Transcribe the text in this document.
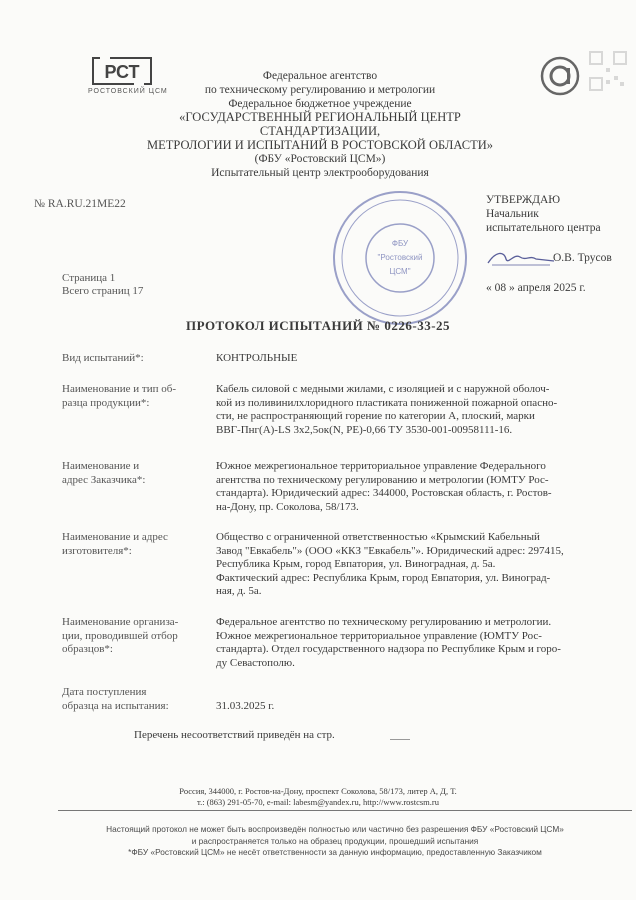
РСТ
РОСТОВСКИЙ ЦСМ
Федеральное агентство
по техническому регулированию и метрологии
Федеральное бюджетное учреждение
«ГОСУДАРСТВЕННЫЙ РЕГИОНАЛЬНЫЙ ЦЕНТР СТАНДАРТИЗАЦИИ,
МЕТРОЛОГИИ И ИСПЫТАНИЙ В РОСТОВСКОЙ ОБЛАСТИ»
(ФБУ «Ростовский ЦСМ»)
Испытательный центр электрооборудования
№ RA.RU.21МЕ22
ФБУ
"Ростовский
ЦСМ"
УТВЕРЖДАЮ
Начальник
испытательного центра
О.В. Трусов
« 08 » апреля 2025 г.
Страница 1
Всего страниц 17
ПРОТОКОЛ ИСПЫТАНИЙ № 0226-33-25
Вид испытаний*:	КОНТРОЛЬНЫЕ
Наименование и тип об-
разца продукции*:
Кабель силовой с медными жилами, с изоляцией и с наружной оболоч-
кой из поливинилхлоридного пластиката пониженной пожарной опасно-
сти, не распространяющий горение по категории А, плоский, марки
ВВГ-Пнг(А)-LS 3х2,5ок(N, PE)-0,66 ТУ 3530-001-00958111-16.
Наименование и
адрес Заказчика*:
Южное межрегиональное территориальное управление Федерального
агентства по техническому регулированию и метрологии (ЮМТУ Рос-
стандарта). Юридический адрес: 344000, Ростовская область, г. Ростов-
на-Дону, пр. Соколова, 58/173.
Наименование и адрес
изготовителя*:
Общество с ограниченной ответственностью «Крымский Кабельный
Завод "Евкабель"» (ООО «ККЗ "Евкабель"». Юридический адрес: 297415,
Республика Крым, город Евпатория, ул. Виноградная, д. 5а.
Фактический адрес: Республика Крым, город Евпатория, ул. Виноград-
ная, д. 5а.
Наименование организа-
ции, проводившей отбор
образцов*:
Федеральное агентство по техническому регулированию и метрологии.
Южное межрегиональное территориальное управление (ЮМТУ Рос-
стандарта). Отдел государственного надзора по Республике Крым и горо-
ду Севастополю.
Дата поступления
образца на испытания:	31.03.2025 г.
Перечень несоответствий приведён на стр.
Россия, 344000, г. Ростов-на-Дону, проспект Соколова, 58/173, литер А, Д, Т.
т.: (863) 291-05-70, e-mail: labesm@yandex.ru, http://www.rostcsm.ru
Настоящий протокол не может быть воспроизведён полностью или частично без разрешения ФБУ «Ростовский ЦСМ»
и распространяется только на образец продукции, прошедший испытания
*ФБУ «Ростовский ЦСМ» не несёт ответственности за данную информацию, предоставленную Заказчиком
